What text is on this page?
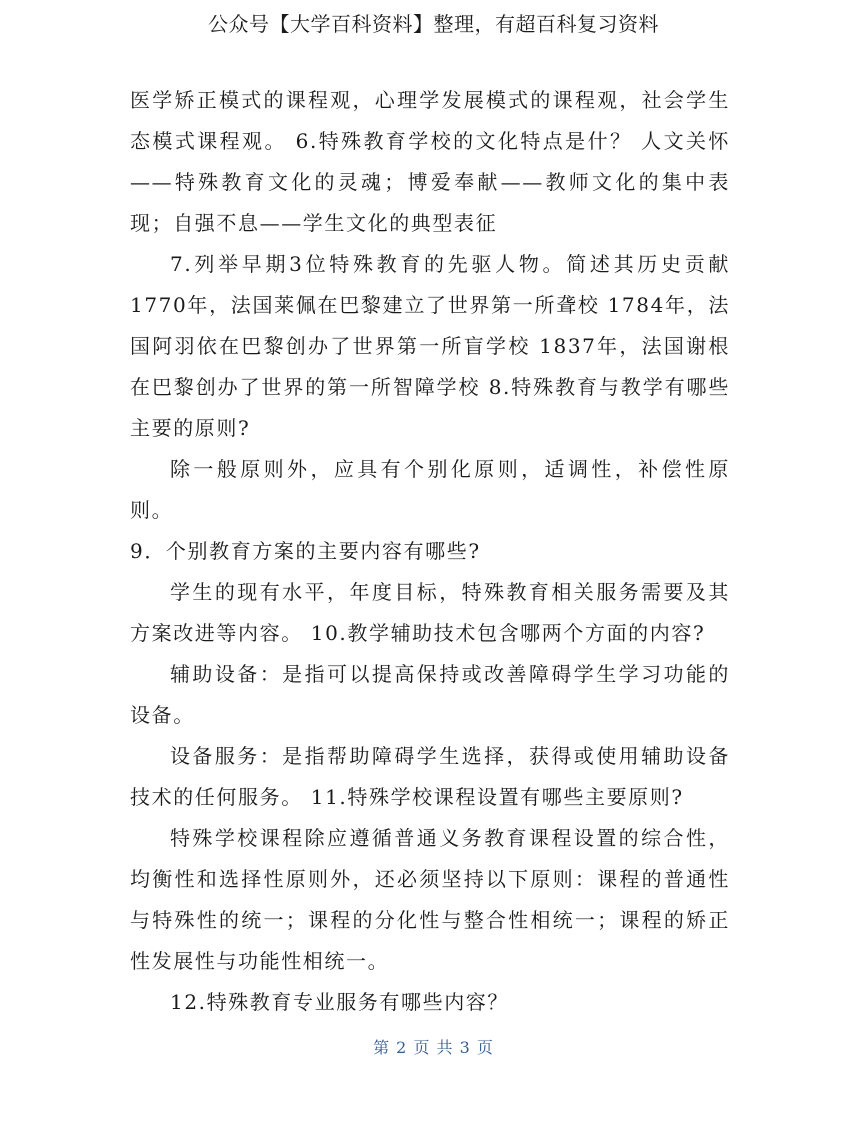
公众号【大学百科资料】整理，有超百科复习资料

医学矫正模式的课程观，心理学发展模式的课程观，社会学生态模式课程观。 6.特殊教育学校的文化特点是什？ 人文关怀——特殊教育文化的灵魂；博爱奉献——教师文化的集中表现；自强不息——学生文化的典型表征

7.列举早期3位特殊教育的先驱人物。简述其历史贡献 1770年，法国莱佩在巴黎建立了世界第一所聋校 1784年，法国阿羽依在巴黎创办了世界第一所盲学校 1837年，法国谢根在巴黎创办了世界的第一所智障学校 8.特殊教育与教学有哪些主要的原则?

除一般原则外，应具有个别化原则，适调性，补偿性原则。

9．个别教育方案的主要内容有哪些?

学生的现有水平，年度目标，特殊教育相关服务需要及其方案改进等内容。 10.教学辅助技术包含哪两个方面的内容?

辅助设备：是指可以提高保持或改善障碍学生学习功能的设备。

设备服务：是指帮助障碍学生选择，获得或使用辅助设备技术的任何服务。 11.特殊学校课程设置有哪些主要原则?

特殊学校课程除应遵循普通义务教育课程设置的综合性，均衡性和选择性原则外，还必须坚持以下原则：课程的普通性与特殊性的统一；课程的分化性与整合性相统一；课程的矫正性发展性与功能性相统一。

12.特殊教育专业服务有哪些内容？

第 2 页 共 3 页
